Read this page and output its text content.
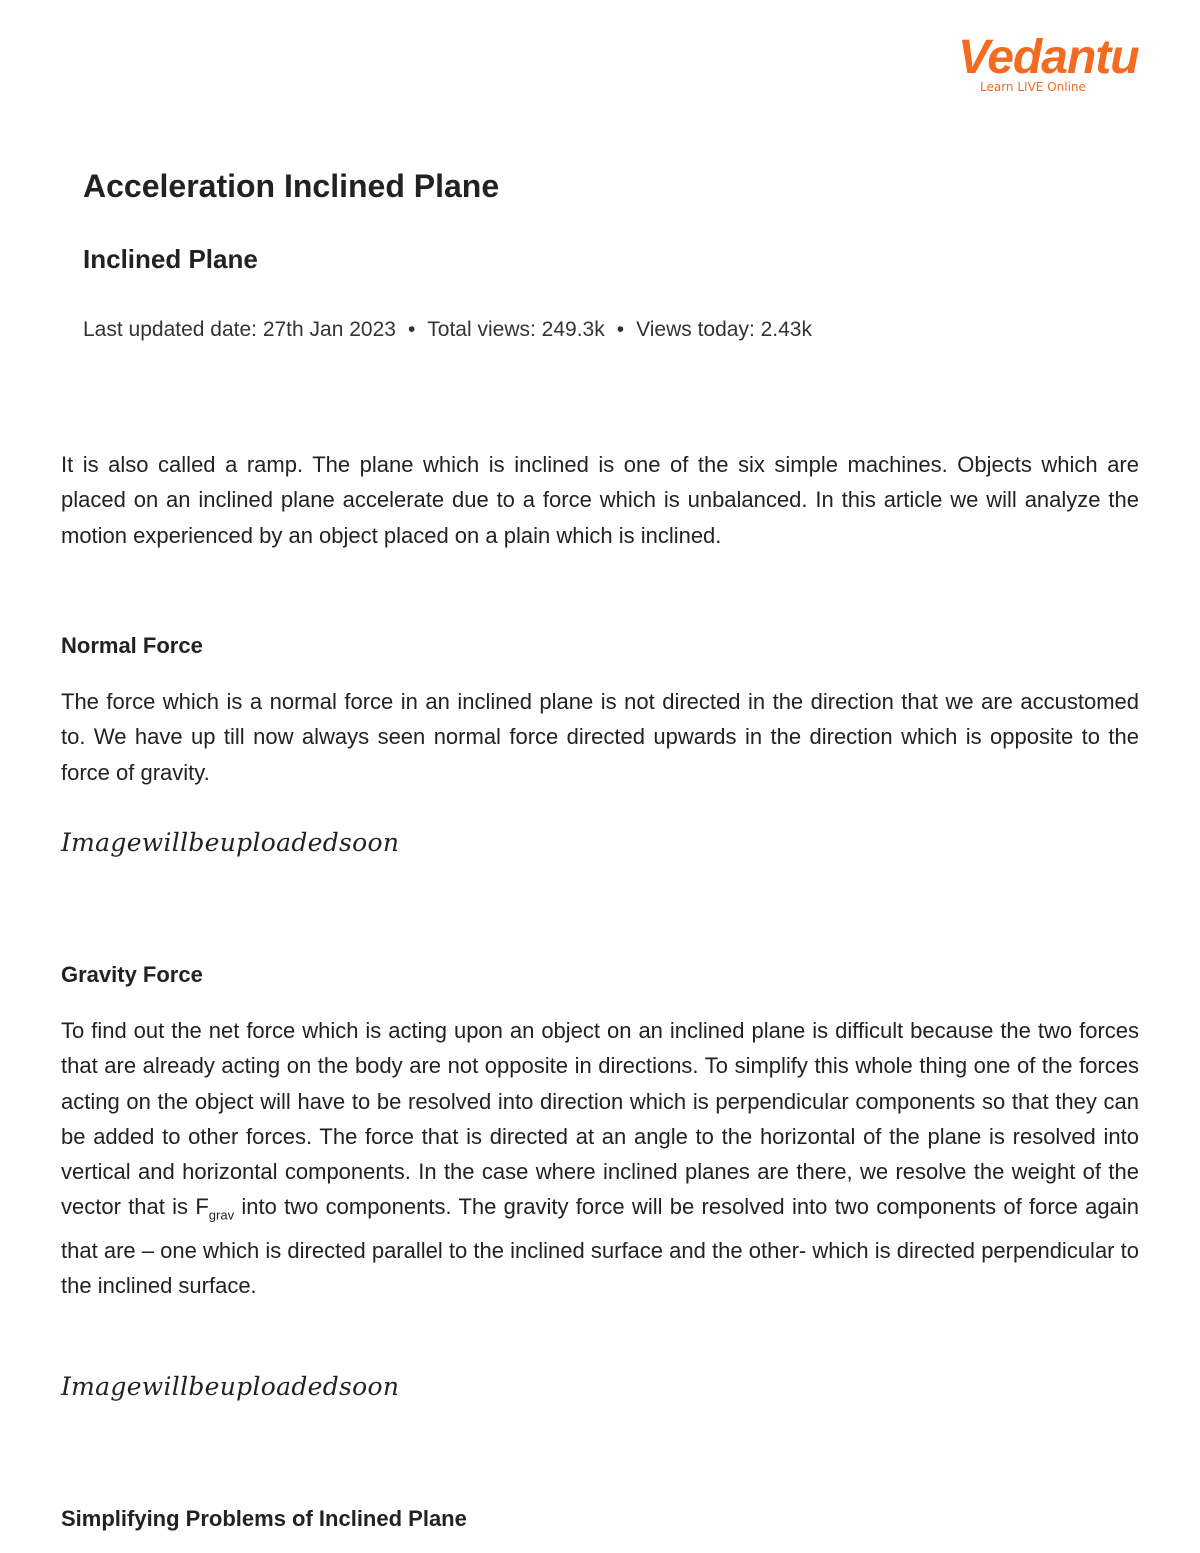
Vedantu
Learn LIVE Online
Acceleration Inclined Plane
Inclined Plane
Last updated date: 27th Jan 2023 • Total views: 249.3k • Views today: 2.43k

It is also called a ramp. The plane which is inclined is one of the six simple machines. Objects which are placed on an inclined plane accelerate due to a force which is unbalanced. In this article we will analyze the motion experienced by an object placed on a plain which is inclined.

Normal Force

The force which is a normal force in an inclined plane is not directed in the direction that we are accustomed to. We have up till now always seen normal force directed upwards in the direction which is opposite to the force of gravity.

Imagewillbeuploadedsoon
Gravity Force

To find out the net force which is acting upon an object on an inclined plane is difficult because the two forces that are already acting on the body are not opposite in directions. To simplify this whole thing one of the forces acting on the object will have to be resolved into direction which is perpendicular components so that they can be added to other forces. The force that is directed at an angle to the horizontal of the plane is resolved into vertical and horizontal components. In the case where inclined planes are there, we resolve the weight of the vector that is $F_{grav}$ into two components. The gravity force will be resolved into two components of force again that are – one which is directed parallel to the inclined surface and the other- which is directed perpendicular to the inclined surface.

Imagewillbeuploadedsoon
Simplifying Problems of Inclined Plane
